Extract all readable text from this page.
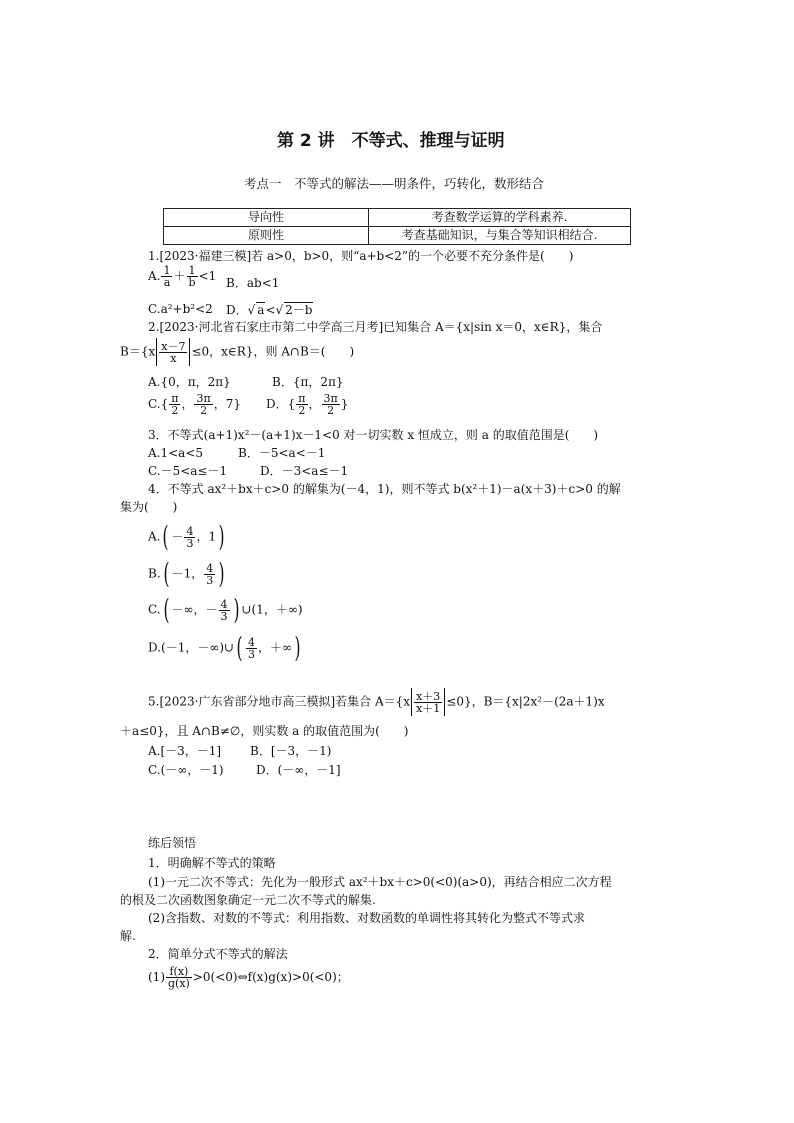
第 2 讲　不等式、推理与证明
考点一　不等式的解法——明条件，巧转化，数形结合
导向性	考查数学运算的学科素养.
原则性	考查基础知识，与集合等知识相结合.
1.[2023·福建三模]若 a>0，b>0，则“a+b<2”的一个必要不充分条件是(　　)
A. $\frac{1}{a} + \frac{1}{b} <1$ B．ab<1
C.a²+b²<2 D．√ a<√ 2－b
2.[2023·河北省石家庄市第二中学高三月考]已知集合 A＝{x|sin x＝0，x∈R}，集合
$B=\{x \frac{x-7}{x} \le 0$，x∈R}，则 A∩B＝(　　)
A.{0，π，2π}	B．{π，2π}
$C.\{ \frac{\pi}{2}$ ， $\frac{3\pi}{2}$ ，7} D．{ $\frac{\pi}{2}$ ， $\frac{3\pi}{2}$ }
3．不等式(a+1)x²－(a+1)x－1<0 对一切实数 x 恒成立，则 a 的取值范围是(　　)
A.1<a<5	B．－5<a<－1
C.－5<a≤－1	D．－3<a≤－1
4．不等式 ax²＋bx＋c>0 的解集为(－4，1)，则不等式 b(x²＋1)－a(x＋3)＋c>0 的解
集为(　　)
$A.( - \frac{4}{3}$ ，1)
B.( －1， $\frac{4}{3}$ )
C.( －∞，－ $\frac{4}{3}$ ) ∪(1，＋∞)
D.(－1，－∞)∪( $\frac{4}{3}$ ，＋∞)
5.[2023·广东省部分地市高三模拟]若集合 $A=\{x \frac{x+3}{x+1} \le 0\}$，B＝{x|2x²－(2a＋1)x
＋a≤0}，且 A∩B≠∅，则实数 a 的取值范围为(　　)
A.[－3，－1] B．[－3，－1)
C.(－∞，－1)	D．(－∞，－1]
练后领悟
1．明确解不等式的策略
(1)一元二次不等式：先化为一般形式 ax²＋bx＋c>0(<0)(a>0)，再结合相应二次方程
的根及二次函数图象确定一元二次不等式的解集.
(2)含指数、对数的不等式：利用指数、对数函数的单调性将其转化为整式不等式求
解.
2．简单分式不等式的解法
$(1) \frac{f(x)}{g(x)}$ >0(<0)⇔f(x)g(x)>0(<0)；
